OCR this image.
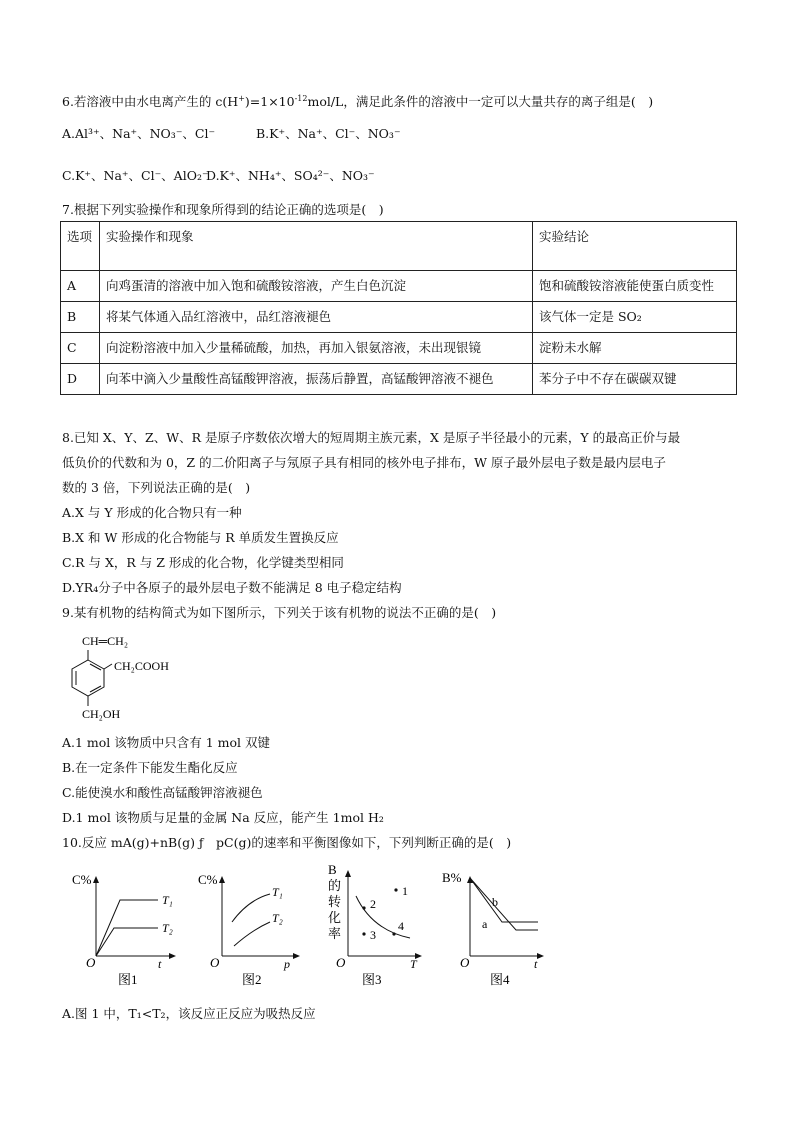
6.若溶液中由水电离产生的 $c(H^+)=1\times 10^{-12}mol/L$，满足此条件的溶液中一定可以大量共存的离子组是(　)
A.Al³⁺、Na⁺、NO₃⁻、Cl⁻	B.K⁺、Na⁺、Cl⁻、NO₃⁻
C.K⁺、Na⁺、Cl⁻、AlO₂⁻
D.K⁺、NH₄⁺、SO₄²⁻、NO₃⁻
7.根据下列实验操作和现象所得到的结论正确的选项是(　)
选项	实验操作和现象	实验结论
A	向鸡蛋清的溶液中加入饱和硫酸铵溶液，产生白色沉淀	饱和硫酸铵溶液能使蛋白质变性
B	将某气体通入品红溶液中，品红溶液褪色	该气体一定是 SO₂
C	向淀粉溶液中加入少量稀硫酸，加热，再加入银氨溶液，未出现银镜	淀粉未水解
D	向苯中滴入少量酸性高锰酸钾溶液，振荡后静置，高锰酸钾溶液不褪色	苯分子中不存在碳碳双键
8.已知 X、Y、Z、W、R 是原子序数依次增大的短周期主族元素，X 是原子半径最小的元素，Y 的最高正价与最
低负价的代数和为 0，Z 的二价阳离子与氖原子具有相同的核外电子排布，W 原子最外层电子数是最内层电子
数的 3 倍，下列说法正确的是(　)
A.X 与 Y 形成的化合物只有一种
B.X 和 W 形成的化合物能与 R 单质发生置换反应
C.R 与 X，R 与 Z 形成的化合物，化学键类型相同
D.YR₄分子中各原子的最外层电子数不能满足 8 电子稳定结构
9.某有机物的结构简式为如下图所示，下列关于该有机物的说法不正确的是(　)
CH═CH₂
CH₂COOH
CH₂OH
A.1 mol 该物质中只含有 1 mol 双键
B.在一定条件下能发生酯化反应
C.能使溴水和酸性高锰酸钾溶液褪色
D.1 mol 该物质与足量的金属 Na 反应，能产生 1mol H₂
10.反应 mA(g)+nB(g) ƒ　pC(g)的速率和平衡图像如下，下列判断正确的是(　)
C%
T₁
T₂
O	t
图1
C%
T₁
T₂
O	p
图2
B
的
转
化
率
1
2
3
4
O	T
图3
B%
b
a
O	t
图4
A.图 1 中，T₁<T₂，该反应正反应为吸热反应
